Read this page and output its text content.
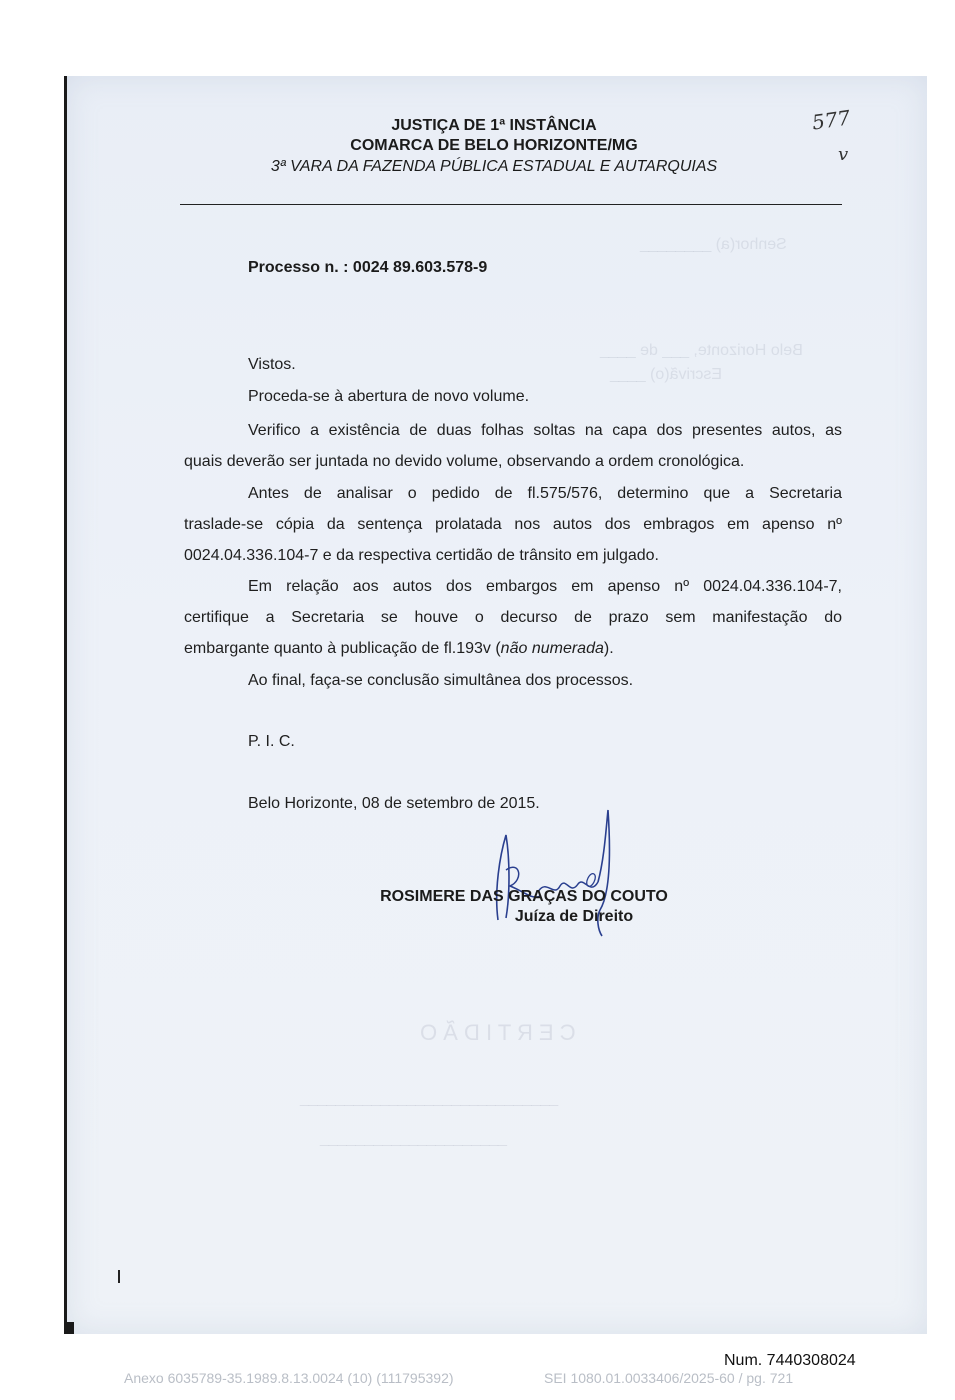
Senhor(a) ________
Belo Horizonte, ___ de ____
Escrivã(o) ____
C E R T I D Ã O
_____________________________
_____________________
JUSTIÇA DE 1ª INSTÂNCIA
COMARCA DE BELO HORIZONTE/MG
3ª VARA DA FAZENDA PÚBLICA ESTADUAL E AUTARQUIAS
577
v
Processo n. : 0024 89.603.578-9
Vistos.
Proceda-se à abertura de novo volume.
Verifico a existência de duas folhas soltas na capa dos presentes autos, as
quais deverão ser juntada no devido volume, observando a ordem cronológica.
Antes de analisar o pedido de fl.575/576, determino que a Secretaria
traslade-se cópia da sentença prolatada nos autos dos embragos em apenso nº
0024.04.336.104-7 e da respectiva certidão de trânsito em julgado.
Em relação aos autos dos embargos em apenso nº 0024.04.336.104-7,
certifique a Secretaria se houve o decurso de prazo sem manifestação do
embargante quanto à publicação de fl.193v (não numerada).
Ao final, faça-se conclusão simultânea dos processos.
P. I. C.
Belo Horizonte, 08 de setembro de 2015.
ROSIMERE DAS GRAÇAS DO COUTO
Juíza de Direito
Num. 7440308024
Anexo 6035789-35.1989.8.13.0024 (10) (111795392)	SEI 1080.01.0033406/2025-60 / pg. 721
